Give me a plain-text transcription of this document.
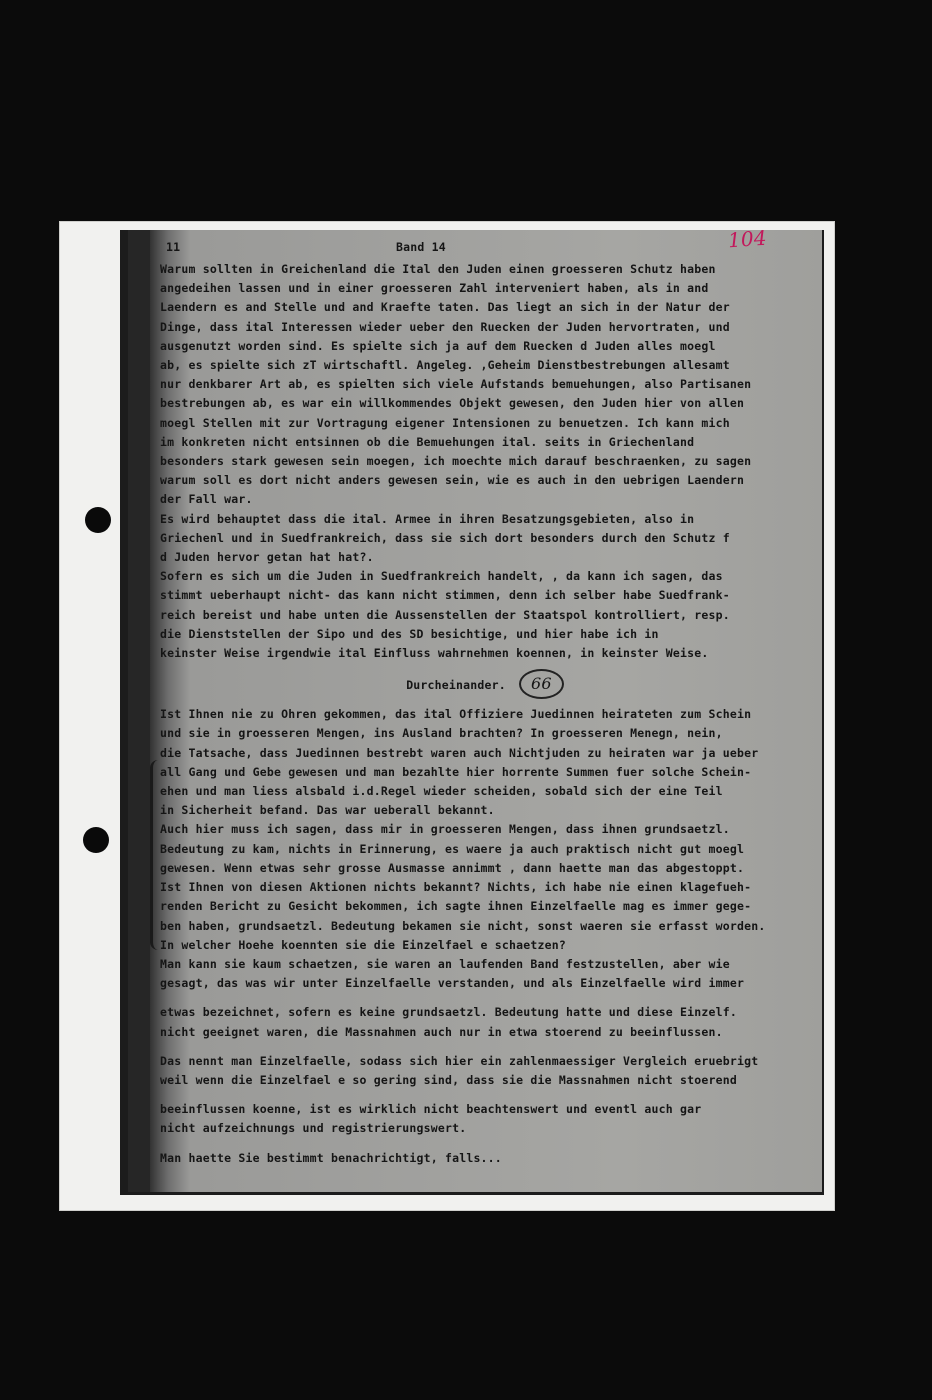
11	Band 14	104
Warum sollten in Greichenland die Ital den Juden einen groesseren Schutz haben
angedeihen lassen und in einer groesseren Zahl interveniert haben, als in and
Laendern es and Stelle und and Kraefte taten. Das liegt an sich in der Natur der
Dinge, dass ital Interessen wieder ueber den Ruecken der Juden hervortraten, und
ausgenutzt worden sind. Es spielte sich ja auf dem Ruecken d Juden alles moegl
ab, es spielte sich zT wirtschaftl. Angeleg. ,Geheim Dienstbestrebungen allesamt
nur denkbarer Art ab, es spielten sich viele Aufstands bemuehungen, also Partisanen
bestrebungen ab, es war ein willkommendes Objekt gewesen, den Juden hier von allen
moegl Stellen mit zur Vortragung eigener Intensionen zu benuetzen. Ich kann mich
im konkreten nicht entsinnen ob die Bemuehungen ital. seits in Griechenland
besonders stark gewesen sein moegen, ich moechte mich darauf beschraenken, zu sagen
warum soll es dort nicht anders gewesen sein, wie es auch in den uebrigen Laendern
der Fall war.
Es wird behauptet dass die ital. Armee in ihren Besatzungsgebieten, also in
Griechenl und in Suedfrankreich, dass sie sich dort besonders durch den Schutz f
d Juden hervor getan hat hat?.
Sofern es sich um die Juden in Suedfrankreich handelt, , da kann ich sagen, das
stimmt ueberhaupt nicht- das kann nicht stimmen, denn ich selber habe Suedfrank-
reich bereist und habe unten die Aussenstellen der Staatspol kontrolliert, resp.
die Dienststellen der Sipo und des SD besichtige, und hier habe ich in
keinster Weise irgendwie ital Einfluss wahrnehmen koennen, in keinster Weise.
Durcheinander. 66
Ist Ihnen nie zu Ohren gekommen, das ital Offiziere Juedinnen heirateten zum Schein
und sie in groesseren Mengen, ins Ausland brachten? In groesseren Menegn, nein,
die Tatsache, dass Juedinnen bestrebt waren auch Nichtjuden zu heiraten war ja ueber
all Gang und Gebe gewesen und man bezahlte hier horrente Summen fuer solche Schein-
ehen und man liess alsbald i.d.Regel wieder scheiden, sobald sich der eine Teil
in Sicherheit befand. Das war ueberall bekannt.
Auch hier muss ich sagen, dass mir in groesseren Mengen, dass ihnen grundsaetzl.
Bedeutung zu kam, nichts in Erinnerung, es waere ja auch praktisch nicht gut moegl
gewesen. Wenn etwas sehr grosse Ausmasse annimmt , dann haette man das abgestoppt.
Ist Ihnen von diesen Aktionen nichts bekannt? Nichts, ich habe nie einen klagefueh-
renden Bericht zu Gesicht bekommen, ich sagte ihnen Einzelfaelle mag es immer gege-
ben haben, grundsaetzl. Bedeutung bekamen sie nicht, sonst waeren sie erfasst worden.
In welcher Hoehe koennten sie die Einzelfael e schaetzen?
Man kann sie kaum schaetzen, sie waren an laufenden Band festzustellen, aber wie
gesagt, das was wir unter Einzelfaelle verstanden, und als Einzelfaelle wird immer
etwas bezeichnet, sofern es keine grundsaetzl. Bedeutung hatte und diese Einzelf.
nicht geeignet waren, die Massnahmen auch nur in etwa stoerend zu beeinflussen.
Das nennt man Einzelfaelle, sodass sich hier ein zahlenmaessiger Vergleich eruebrigt
weil wenn die Einzelfael e so gering sind, dass sie die Massnahmen nicht stoerend
beeinflussen koenne, ist es wirklich nicht beachtenswert und eventl auch gar
nicht aufzeichnungs und registrierungswert.
Man haette Sie bestimmt benachrichtigt, falls...
